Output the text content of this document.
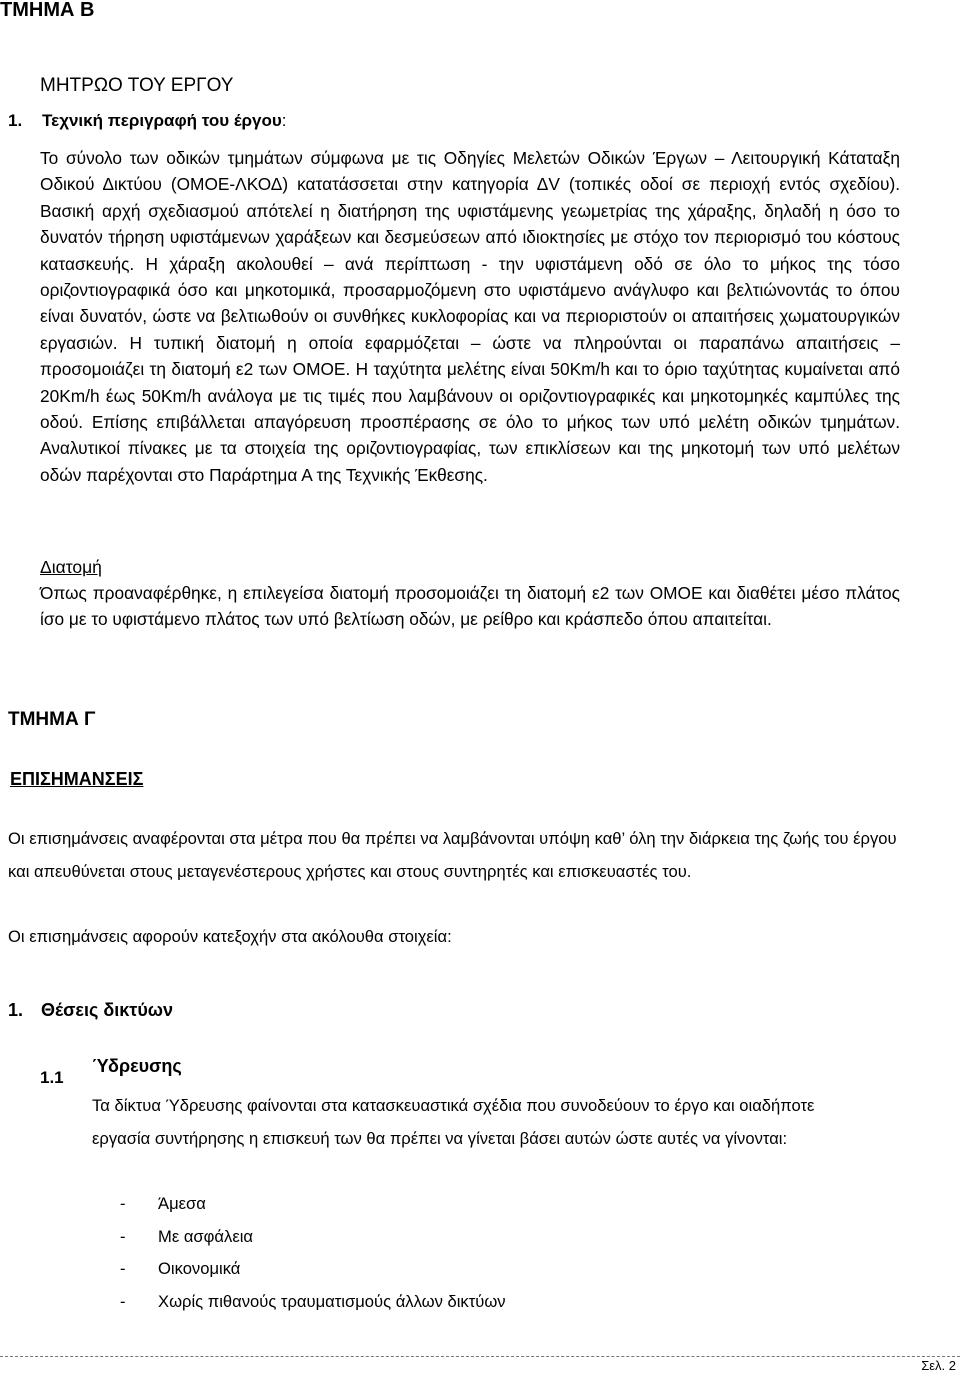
ΤΜΗΜΑ Β
ΜΗΤΡΩΟ ΤΟΥ ΕΡΓΟΥ
1. Τεχνική περιγραφή του έργου:

Το σύνολο των οδικών τμημάτων σύμφωνα με τις Οδηγίες Μελετών Οδικών Έργων – Λειτουργική Κάταταξη Οδικού Δικτύου (ΟΜΟΕ-ΛΚΟΔ) κατατάσσεται στην κατηγορία ΔV (τοπικές οδοί σε περιοχή εντός σχεδίου). Βασική αρχή σχεδιασμού απότελεί η διατήρηση της υφιστάμενης γεωμετρίας της χάραξης, δηλαδή η όσο το δυνατόν τήρηση υφιστάμενων χαράξεων και δεσμεύσεων από ιδιοκτησίες με στόχο τον περιορισμό του κόστους κατασκευής. Η χάραξη ακολουθεί – ανά περίπτωση - την υφιστάμενη οδό σε όλο το μήκος της τόσο οριζοντιογραφικά όσο και μηκοτομικά, προσαρμοζόμενη στο υφιστάμενο ανάγλυφο και βελτιώνοντάς το όπου είναι δυνατόν, ώστε να βελτιωθούν οι συνθήκες κυκλοφορίας και να περιοριστούν οι απαιτήσεις χωματουργικών εργασιών. Η τυπική διατομή η οποία εφαρμόζεται – ώστε να πληρούνται οι παραπάνω απαιτήσεις – προσομοιάζει τη διατομή ε2 των ΟΜΟΕ. Η ταχύτητα μελέτης είναι 50Km/h και το όριο ταχύτητας κυμαίνεται από 20Km/h έως 50Km/h ανάλογα με τις τιμές που λαμβάνουν οι οριζοντιογραφικές και μηκοτομηκές καμπύλες της οδού. Επίσης επιβάλλεται απαγόρευση προσπέρασης σε όλο το μήκος των υπό μελέτη οδικών τμημάτων. Αναλυτικοί πίνακες με τα στοιχεία της οριζοντιογραφίας, των επικλίσεων και της μηκοτομή των υπό μελέτων οδών παρέχονται στο Παράρτημα Α της Τεχνικής Έκθεσης.

Διατομή

Όπως προαναφέρθηκε, η επιλεγείσα διατομή προσομοιάζει τη διατομή ε2 των ΟΜΟΕ και διαθέτει μέσο πλάτος ίσο με το υφιστάμενο πλάτος των υπό βελτίωση οδών, με ρείθρο και κράσπεδο όπου απαιτείται.

ΤΜΗΜΑ Γ
ΕΠΙΣΗΜΑΝΣΕΙΣ

Οι επισημάνσεις αναφέρονται στα μέτρα που θα πρέπει να λαμβάνονται υπόψη καθ’ όλη την διάρκεια της ζωής του έργου και απευθύνεται στους μεταγενέστερους χρήστες και στους συντηρητές και επισκευαστές του.

Οι επισημάνσεις αφορούν κατεξοχήν στα ακόλουθα στοιχεία:
1. Θέσεις δικτύων
1.1
Ύδρευσης

Τα δίκτυα Ύδρευσης φαίνονται στα κατασκευαστικά σχέδια που συνοδεύουν το έργο και οιαδήποτε εργασία συντήρησης η επισκευή των θα πρέπει να γίνεται βάσει αυτών ώστε αυτές να γίνονται:

- Άμεσα
- Με ασφάλεια
- Οικονομικά
- Χωρίς πιθανούς τραυματισμούς άλλων δικτύων
Σελ. 2
